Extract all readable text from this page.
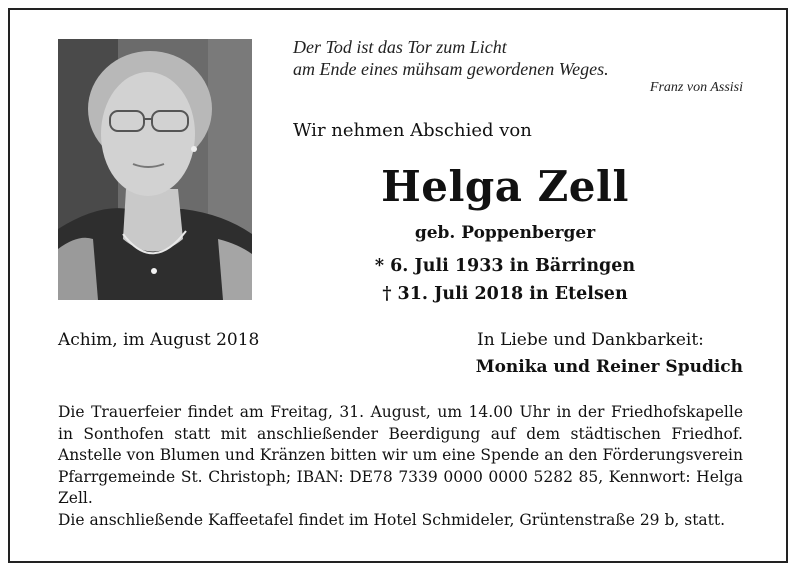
Der Tod ist das Tor zum Licht
am Ende eines mühsam gewordenen Weges.
Franz von Assisi
Wir nehmen Abschied von
Helga Zell
geb. Poppenberger
* 6. Juli 1933 in Bärringen
† 31. Juli 2018 in Etelsen
Achim, im August 2018	In Liebe und Dankbarkeit:
Monika und Reiner Spudich

Die Trauerfeier findet am Freitag, 31. August, um 14.00 Uhr in der Friedhofskapelle in Sonthofen statt mit anschließender Beerdigung auf dem städtischen Friedhof. Anstelle von Blumen und Kränzen bitten wir um eine Spende an den Förderungsverein Pfarrgemeinde St. Christoph; IBAN: DE78 7339 0000 0000 5282 85, Kennwort: Helga Zell.

Die anschließende Kaffeetafel findet im Hotel Schmideler, Grüntenstraße 29 b, statt.
